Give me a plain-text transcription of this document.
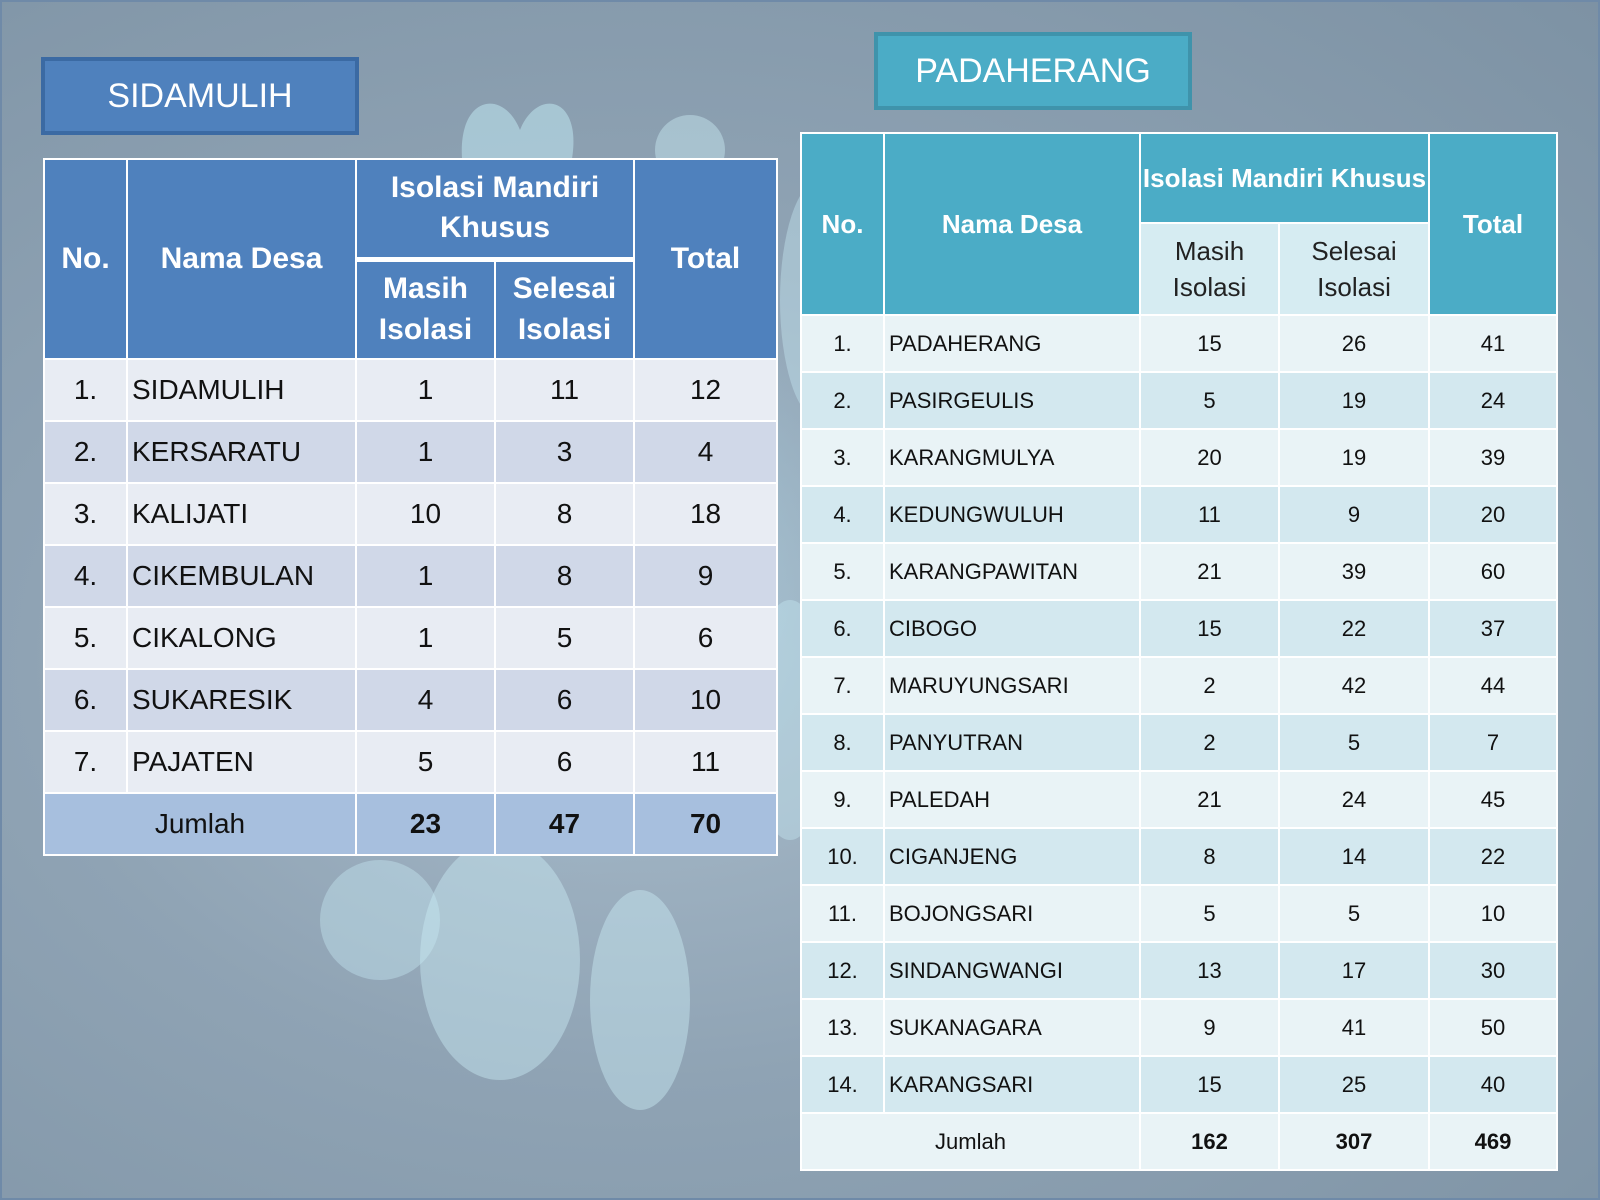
SIDAMULIH
PADAHERANG
No.	Nama Desa	Isolasi Mandiri Khusus		Total
		Masih Isolasi	Selesai Isolasi	
1.	SIDAMULIH	1	11	12
2.	KERSARATU	1	3	4
3.	KALIJATI	10	8	18
4.	CIKEMBULAN	1	8	9
5.	CIKALONG	1	5	6
6.	SUKARESIK	4	6	10
7.	PAJATEN	5	6	11
Jumlah		23	47	70
No.	Nama Desa	Isolasi Mandiri Khusus		Total
		Masih Isolasi	Selesai Isolasi	
1.	PADAHERANG	15	26	41
2.	PASIRGEULIS	5	19	24
3.	KARANGMULYA	20	19	39
4.	KEDUNGWULUH	11	9	20
5.	KARANGPAWITAN	21	39	60
6.	CIBOGO	15	22	37
7.	MARUYUNGSARI	2	42	44
8.	PANYUTRAN	2	5	7
9.	PALEDAH	21	24	45
10.	CIGANJENG	8	14	22
11.	BOJONGSARI	5	5	10
12.	SINDANGWANGI	13	17	30
13.	SUKANAGARA	9	41	50
14.	KARANGSARI	15	25	40
Jumlah		162	307	469
